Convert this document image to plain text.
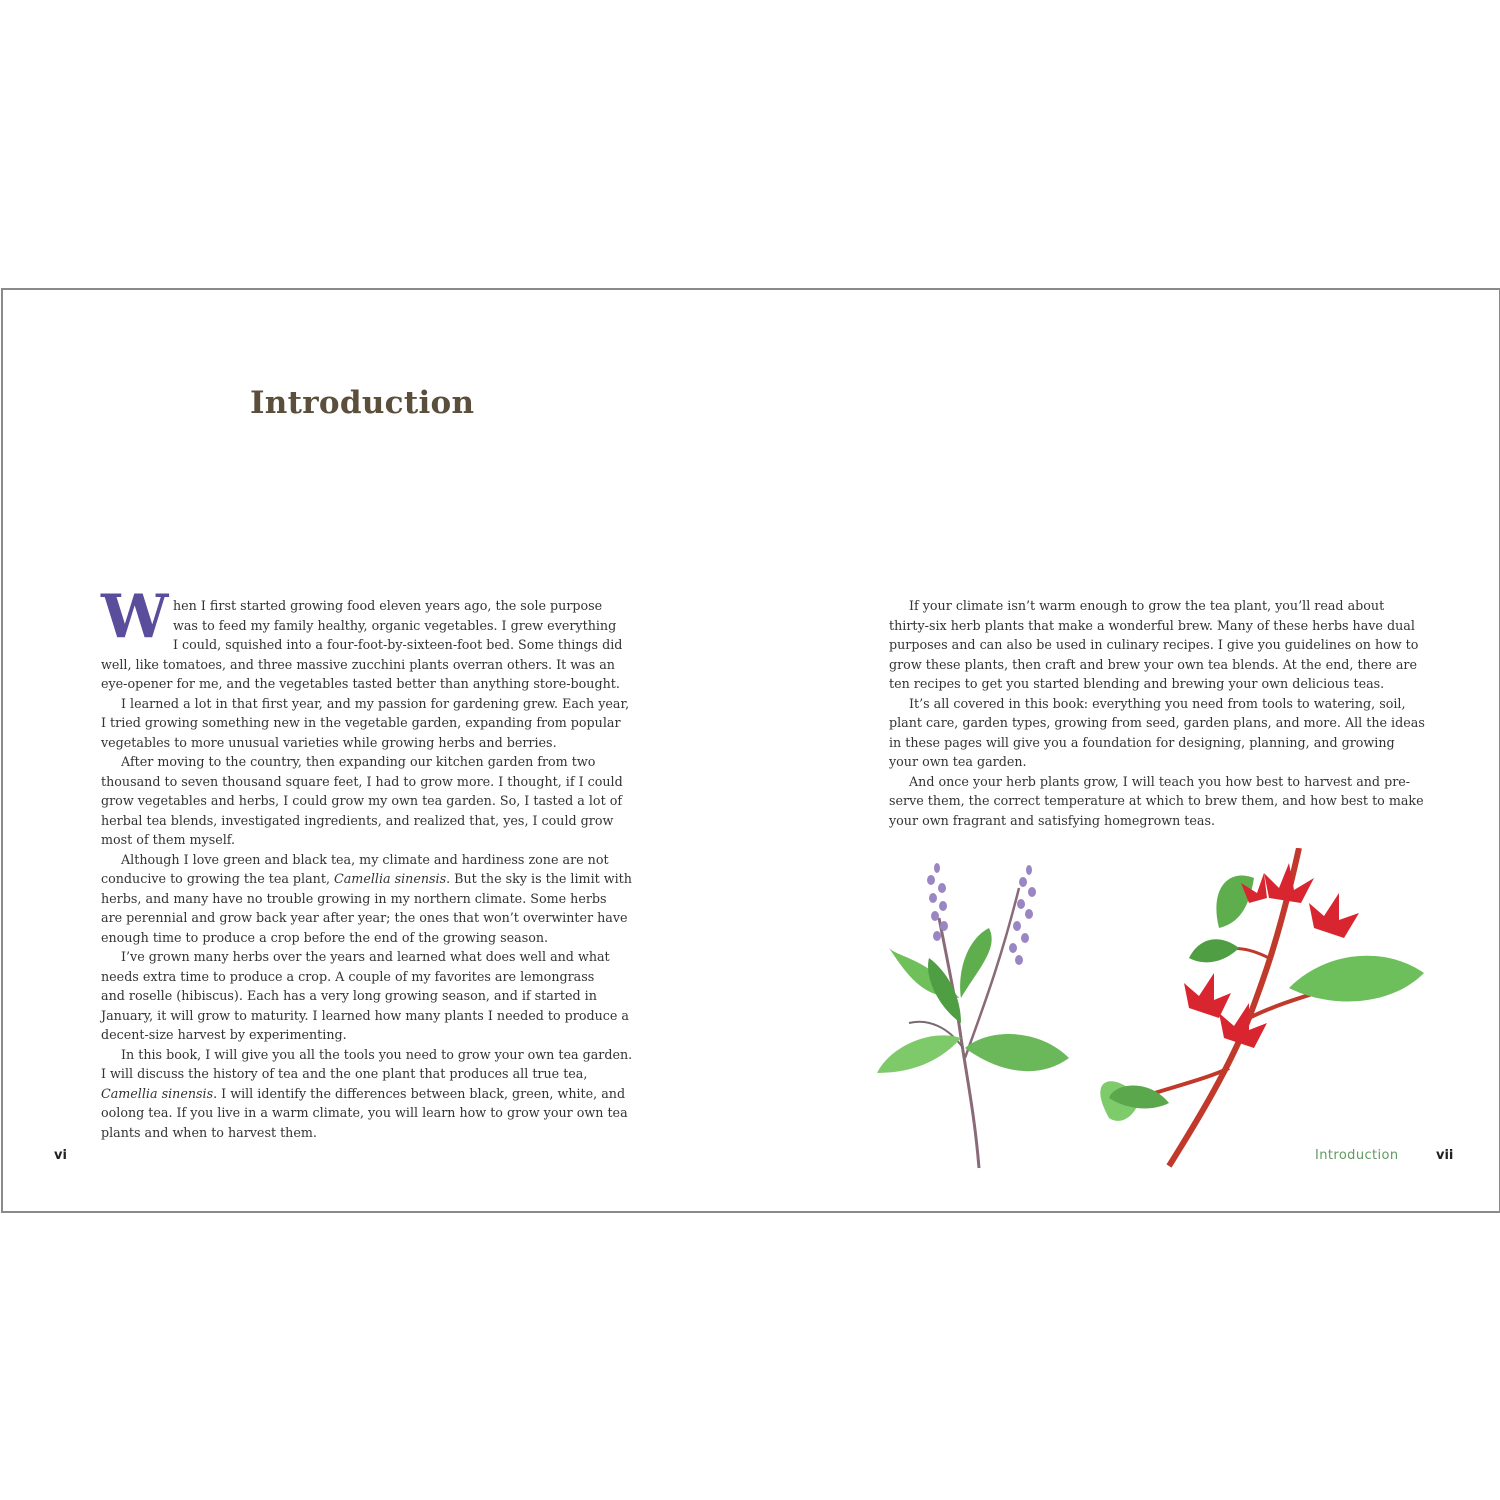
Introduction
W hen I first started growing food eleven years ago, the sole purpose
was to feed my family healthy, organic vegetables. I grew everything
I could, squished into a four-foot-by-sixteen-foot bed. Some things did
well, like tomatoes, and three massive zucchini plants overran others. It was an
eye-opener for me, and the vegetables tasted better than anything store-bought.
I learned a lot in that first year, and my passion for gardening grew. Each year,
I tried growing something new in the vegetable garden, expanding from popular
vegetables to more unusual varieties while growing herbs and berries.
After moving to the country, then expanding our kitchen garden from two
thousand to seven thousand square feet, I had to grow more. I thought, if I could
grow vegetables and herbs, I could grow my own tea garden. So, I tasted a lot of
herbal tea blends, investigated ingredients, and realized that, yes, I could grow
most of them myself.
Although I love green and black tea, my climate and hardiness zone are not
conducive to growing the tea plant, Camellia sinensis. But the sky is the limit with
herbs, and many have no trouble growing in my northern climate. Some herbs
are perennial and grow back year after year; the ones that won’t overwinter have
enough time to produce a crop before the end of the growing season.
I’ve grown many herbs over the years and learned what does well and what
needs extra time to produce a crop. A couple of my favorites are lemongrass
and roselle (hibiscus). Each has a very long growing season, and if started in
January, it will grow to maturity. I learned how many plants I needed to produce a
decent-size harvest by experimenting.
In this book, I will give you all the tools you need to grow your own tea garden.
I will discuss the history of tea and the one plant that produces all true tea,
Camellia sinensis. I will identify the differences between black, green, white, and
oolong tea. If you live in a warm climate, you will learn how to grow your own tea
plants and when to harvest them.
If your climate isn’t warm enough to grow the tea plant, you’ll read about
thirty-six herb plants that make a wonderful brew. Many of these herbs have dual
purposes and can also be used in culinary recipes. I give you guidelines on how to
grow these plants, then craft and brew your own tea blends. At the end, there are
ten recipes to get you started blending and brewing your own delicious teas.
It’s all covered in this book: everything you need from tools to watering, soil,
plant care, garden types, growing from seed, garden plans, and more. All the ideas
in these pages will give you a foundation for designing, planning, and growing
your own tea garden.
And once your herb plants grow, I will teach you how best to harvest and pre-
serve them, the correct temperature at which to brew them, and how best to make
your own fragrant and satisfying homegrown teas.
vi	Introduction	vii
